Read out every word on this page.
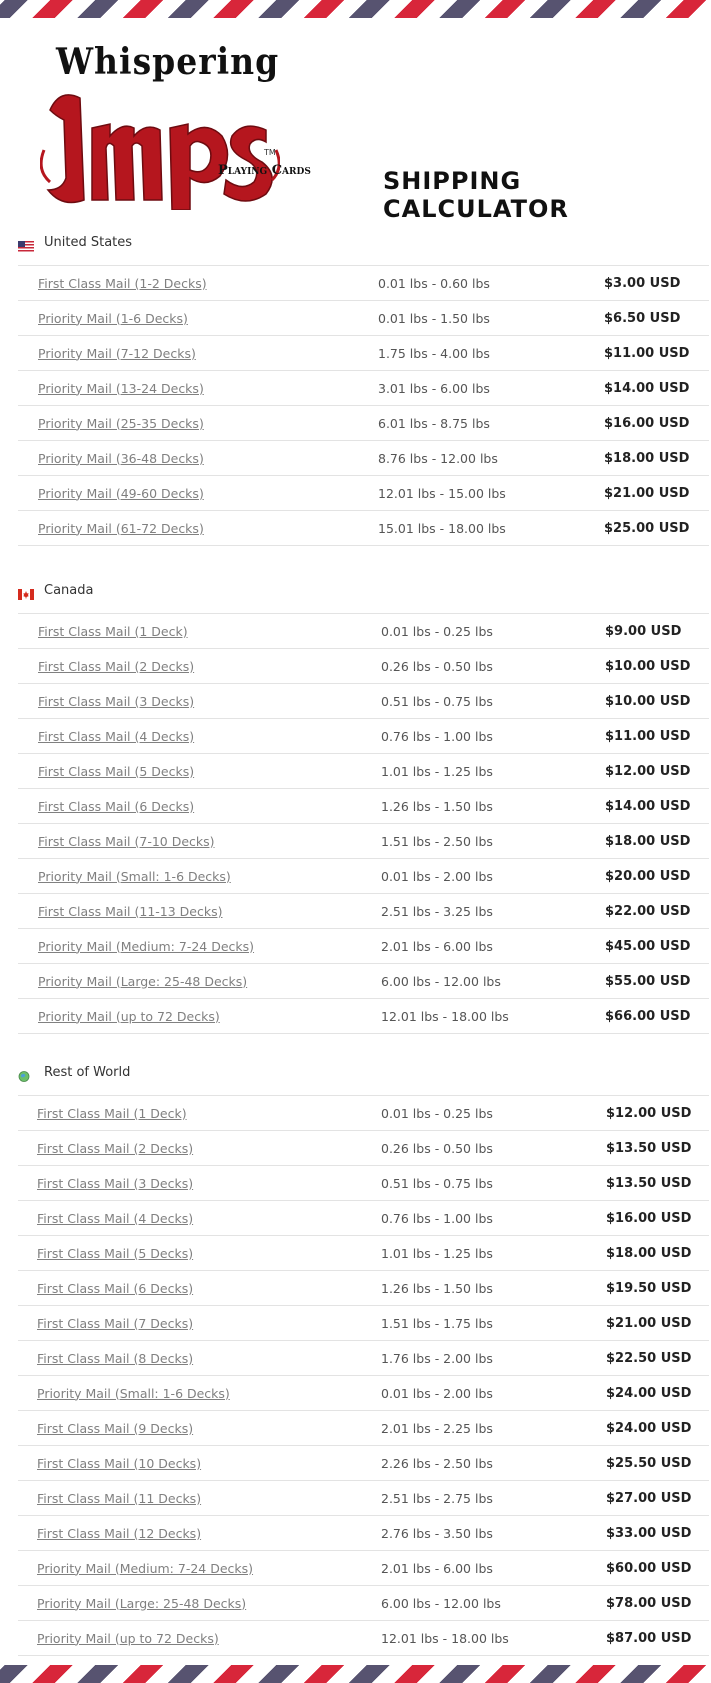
Whispering
TM
Playing Cards	SHIPPING CALCULATOR
United States
First Class Mail (1-2 Decks)	0.01 lbs - 0.60 lbs	$3.00 USD
Priority Mail (1-6 Decks)	0.01 lbs - 1.50 lbs	$6.50 USD
Priority Mail (7-12 Decks)	1.75 lbs - 4.00 lbs	$11.00 USD
Priority Mail (13-24 Decks)	3.01 lbs - 6.00 lbs	$14.00 USD
Priority Mail (25-35 Decks)	6.01 lbs - 8.75 lbs	$16.00 USD
Priority Mail (36-48 Decks)	8.76 lbs - 12.00 lbs	$18.00 USD
Priority Mail (49-60 Decks)	12.01 lbs - 15.00 lbs	$21.00 USD
Priority Mail (61-72 Decks)	15.01 lbs - 18.00 lbs	$25.00 USD
Canada
First Class Mail (1 Deck)	0.01 lbs - 0.25 lbs	$9.00 USD
First Class Mail (2 Decks)	0.26 lbs - 0.50 lbs	$10.00 USD
First Class Mail (3 Decks)	0.51 lbs - 0.75 lbs	$10.00 USD
First Class Mail (4 Decks)	0.76 lbs - 1.00 lbs	$11.00 USD
First Class Mail (5 Decks)	1.01 lbs - 1.25 lbs	$12.00 USD
First Class Mail (6 Decks)	1.26 lbs - 1.50 lbs	$14.00 USD
First Class Mail (7-10 Decks)	1.51 lbs - 2.50 lbs	$18.00 USD
Priority Mail (Small: 1-6 Decks)	0.01 lbs - 2.00 lbs	$20.00 USD
First Class Mail (11-13 Decks)	2.51 lbs - 3.25 lbs	$22.00 USD
Priority Mail (Medium: 7-24 Decks)	2.01 lbs - 6.00 lbs	$45.00 USD
Priority Mail (Large: 25-48 Decks)	6.00 lbs - 12.00 lbs	$55.00 USD
Priority Mail (up to 72 Decks)	12.01 lbs - 18.00 lbs	$66.00 USD
Rest of World
First Class Mail (1 Deck)	0.01 lbs - 0.25 lbs	$12.00 USD
First Class Mail (2 Decks)	0.26 lbs - 0.50 lbs	$13.50 USD
First Class Mail (3 Decks)	0.51 lbs - 0.75 lbs	$13.50 USD
First Class Mail (4 Decks)	0.76 lbs - 1.00 lbs	$16.00 USD
First Class Mail (5 Decks)	1.01 lbs - 1.25 lbs	$18.00 USD
First Class Mail (6 Decks)	1.26 lbs - 1.50 lbs	$19.50 USD
First Class Mail (7 Decks)	1.51 lbs - 1.75 lbs	$21.00 USD
First Class Mail (8 Decks)	1.76 lbs - 2.00 lbs	$22.50 USD
Priority Mail (Small: 1-6 Decks)	0.01 lbs - 2.00 lbs	$24.00 USD
First Class Mail (9 Decks)	2.01 lbs - 2.25 lbs	$24.00 USD
First Class Mail (10 Decks)	2.26 lbs - 2.50 lbs	$25.50 USD
First Class Mail (11 Decks)	2.51 lbs - 2.75 lbs	$27.00 USD
First Class Mail (12 Decks)	2.76 lbs - 3.50 lbs	$33.00 USD
Priority Mail (Medium: 7-24 Decks)	2.01 lbs - 6.00 lbs	$60.00 USD
Priority Mail (Large: 25-48 Decks)	6.00 lbs - 12.00 lbs	$78.00 USD
Priority Mail (up to 72 Decks)	12.01 lbs - 18.00 lbs	$87.00 USD
